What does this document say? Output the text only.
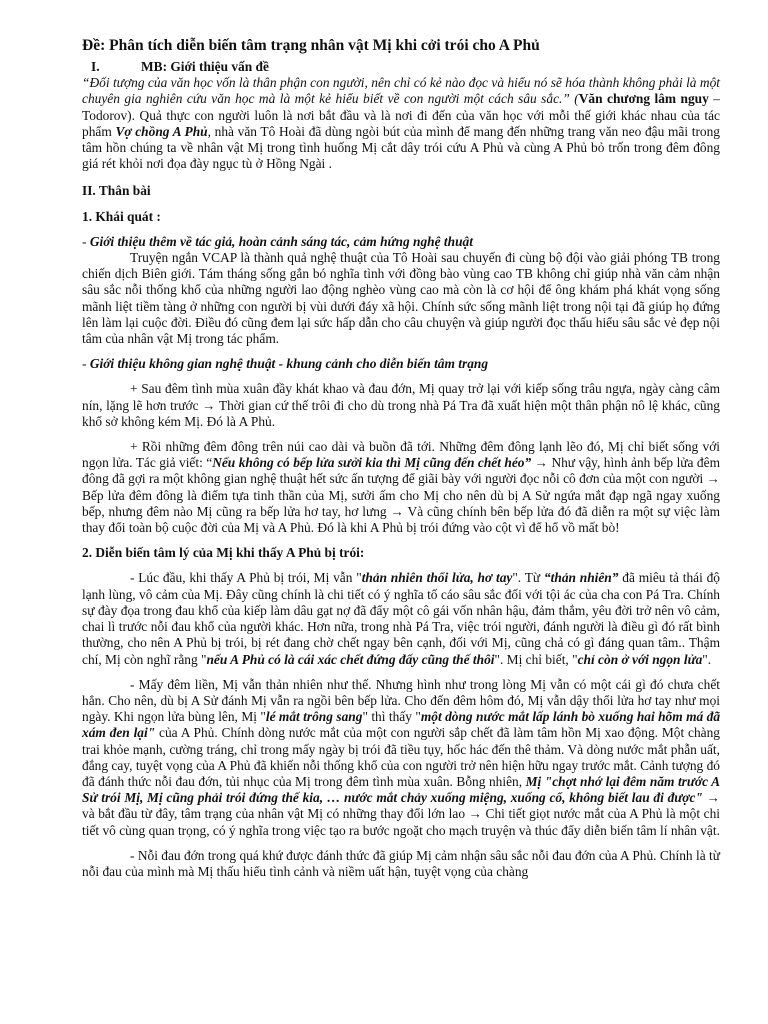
Đề: Phân tích diễn biến tâm trạng nhân vật Mị khi cởi trói cho A Phủ
I.	MB: Giới thiệu vấn đề

“Đối tượng của văn học vốn là thân phận con người, nên chỉ có kẻ nào đọc và hiểu nó sẽ hóa thành không phải là một chuyên gia nghiên cứu văn học mà là một kẻ hiểu biết về con người một cách sâu sắc.” (Văn chương lâm nguy – Todorov). Quả thực con người luôn là nơi bắt đầu và là nơi đi đến của văn học với mỗi thế giới khác nhau của tác phẩm Vợ chồng A Phủ, nhà văn Tô Hoài đã dùng ngòi bút của mình để mang đến những trang văn neo đậu mãi trong tâm hồn chúng ta về nhân vật Mị trong tình huống Mị cắt dây trói cứu A Phủ và cùng A Phủ bỏ trốn trong đêm đông giá rét khỏi nơi đọa đày ngục tù ở Hồng Ngài .

II. Thân bài
1. Khái quát :

- Giới thiệu thêm về tác giả, hoàn cảnh sáng tác, cảm hứng nghệ thuật

Truyện ngắn VCAP là thành quả nghệ thuật của Tô Hoài sau chuyến đi cùng bộ đội vào giải phóng TB trong chiến dịch Biên giới. Tám tháng sống gắn bó nghĩa tình với đồng bào vùng cao TB không chỉ giúp nhà văn cảm nhận sâu sắc nỗi thống khổ của những người lao động nghèo vùng cao mà còn là cơ hội để ông khám phá khát vọng sống mãnh liệt tiềm tàng ở những con người bị vùi dưới đáy xã hội. Chính sức sống mãnh liệt trong nội tại đã giúp họ đứng lên làm lại cuộc đời. Điều đó cũng đem lại sức hấp dẫn cho câu chuyện và giúp người đọc thấu hiểu sâu sắc vẻ đẹp nội tâm của nhân vật Mị trong tác phẩm.

- Giới thiệu không gian nghệ thuật - khung cảnh cho diễn biến tâm trạng

+ Sau đêm tình mùa xuân đầy khát khao và đau đớn, Mị quay trở lại với kiếp sống trâu ngựa, ngày càng câm nín, lặng lẽ hơn trước → Thời gian cứ thế trôi đi cho dù trong nhà Pá Tra đã xuất hiện một thân phận nô lệ khác, cũng khổ sở không kém Mị. Đó là A Phủ.

+ Rồi những đêm đông trên núi cao dài và buồn đã tới. Những đêm đông lạnh lẽo đó, Mị chỉ biết sống với ngọn lửa. Tác giả viết: “Nếu không có bếp lửa sưởi kia thì Mị cũng đến chết héo” → Như vậy, hình ảnh bếp lửa đêm đông đã gợi ra một không gian nghệ thuật hết sức ấn tượng để giãi bày với người đọc nỗi cô đơn của một con người → Bếp lửa đêm đông là điểm tựa tinh thần của Mị, sưởi ấm cho Mị cho nên dù bị A Sử ngứa mắt đạp ngã ngay xuống bếp, nhưng đêm nào Mị cũng ra bếp lửa hơ tay, hơ lưng → Và cũng chính bên bếp lửa đó đã diễn ra một sự việc làm thay đổi toàn bộ cuộc đời của Mị và A Phủ. Đó là khi A Phủ bị trói đứng vào cột vì để hổ vồ mất bò!

2. Diễn biến tâm lý của Mị khi thấy A Phủ bị trói:

- Lúc đầu, khi thấy A Phủ bị trói, Mị vẫn "thản nhiên thổi lửa, hơ tay". Từ “thản nhiên” đã miêu tả thái độ lạnh lùng, vô cảm của Mị. Đây cũng chính là chi tiết có ý nghĩa tố cáo sâu sắc đối với tội ác của cha con Pá Tra. Chính sự đày đọa trong đau khổ của kiếp làm dâu gạt nợ đã đẩy một cô gái vốn nhân hậu, đảm thắm, yêu đời trở nên vô cảm, chai lì trước nỗi đau khổ của người khác. Hơn nữa, trong nhà Pá Tra, việc trói người, đánh người là điều gì đó rất bình thường, cho nên A Phủ bị trói, bị rét đang chờ chết ngay bên cạnh, đối với Mị, cũng chả có gì đáng quan tâm.. Thậm chí, Mị còn nghĩ rằng "nếu A Phủ có là cái xác chết đứng đấy cũng thế thôi". Mị chỉ biết, "chỉ còn ở với ngọn lửa".

- Mấy đêm liền, Mị vẫn thản nhiên như thế. Nhưng hình như trong lòng Mị vẫn có một cái gì đó chưa chết hẳn. Cho nên, dù bị A Sử đánh Mị vẫn ra ngồi bên bếp lửa. Cho đến đêm hôm đó, Mị vẫn dậy thổi lửa hơ tay như mọi ngày. Khi ngọn lửa bùng lên, Mị "lé mắt trông sang" thì thấy "một dòng nước mắt lấp lánh bò xuống hai hõm má đã xám đen lại" của A Phủ. Chính dòng nước mắt của một con người sắp chết đã làm tâm hồn Mị xao động. Một chàng trai khỏe mạnh, cường tráng, chỉ trong mấy ngày bị trói đã tiều tụy, hốc hác đến thê thảm. Và dòng nước mắt phẫn uất, đắng cay, tuyệt vọng của A Phủ đã khiến nỗi thống khổ của con người trở nên hiện hữu ngay trước mắt. Cảnh tượng đó đã đánh thức nỗi đau đớn, tủi nhục của Mị trong đêm tình mùa xuân. Bỗng nhiên, Mị "chợt nhớ lại đêm năm trước A Sử trói Mị, Mị cũng phải trói đứng thế kia, … nước mắt chảy xuống miệng, xuống cổ, không biết lau đi được" → và bắt đầu từ đây, tâm trạng của nhân vật Mị có những thay đổi lớn lao → Chi tiết giọt nước mắt của A Phủ là một chi tiết vô cùng quan trọng, có ý nghĩa trong việc tạo ra bước ngoặt cho mạch truyện và thúc đẩy diễn biến tâm lí nhân vật.

- Nỗi đau đớn trong quá khứ được đánh thức đã giúp Mị cảm nhận sâu sắc nỗi đau đớn của A Phủ. Chính là từ nỗi đau của mình mà Mị thấu hiểu tình cảnh và niềm uất hận, tuyệt vọng của chàng
